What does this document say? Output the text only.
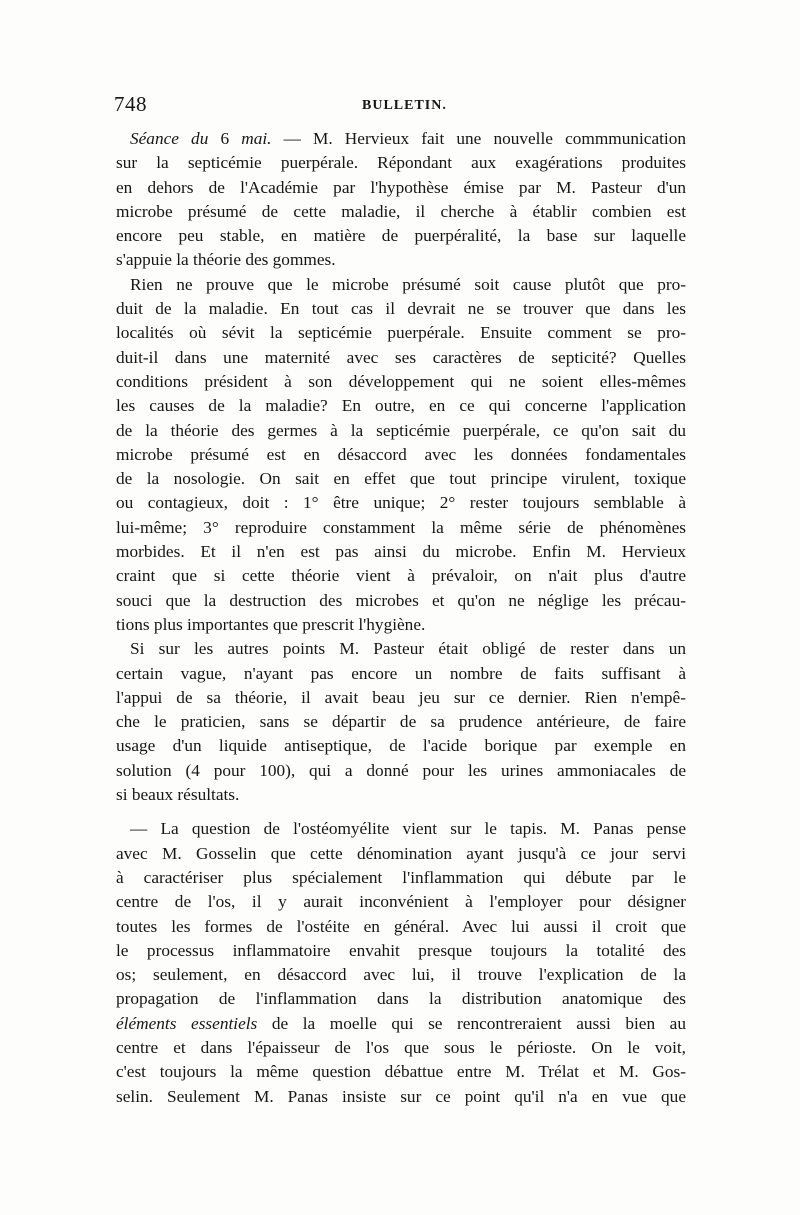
748	BULLETIN.

Séance du 6 mai. — M. Hervieux fait une nouvelle commmunication
sur la septicémie puerpérale. Répondant aux exagérations produites
en dehors de l'Académie par l'hypothèse émise par M. Pasteur d'un
microbe présumé de cette maladie, il cherche à établir combien est
encore peu stable, en matière de puerpéralité, la base sur laquelle
s'appuie la théorie des gommes.

Rien ne prouve que le microbe présumé soit cause plutôt que pro-
duit de la maladie. En tout cas il devrait ne se trouver que dans les
localités où sévit la septicémie puerpérale. Ensuite comment se pro-
duit-il dans une maternité avec ses caractères de septicité? Quelles
conditions président à son développement qui ne soient elles-mêmes
les causes de la maladie? En outre, en ce qui concerne l'application
de la théorie des germes à la septicémie puerpérale, ce qu'on sait du
microbe présumé est en désaccord avec les données fondamentales
de la nosologie. On sait en effet que tout principe virulent, toxique
ou contagieux, doit : 1° être unique; 2° rester toujours semblable à
lui-même; 3° reproduire constamment la même série de phénomènes
morbides. Et il n'en est pas ainsi du microbe. Enfin M. Hervieux
craint que si cette théorie vient à prévaloir, on n'ait plus d'autre
souci que la destruction des microbes et qu'on ne néglige les précau-
tions plus importantes que prescrit l'hygiène.

Si sur les autres points M. Pasteur était obligé de rester dans un
certain vague, n'ayant pas encore un nombre de faits suffisant à
l'appui de sa théorie, il avait beau jeu sur ce dernier. Rien n'empê-
che le praticien, sans se départir de sa prudence antérieure, de faire
usage d'un liquide antiseptique, de l'acide borique par exemple en
solution (4 pour 100), qui a donné pour les urines ammoniacales de
si beaux résultats.

— La question de l'ostéomyélite vient sur le tapis. M. Panas pense
avec M. Gosselin que cette dénomination ayant jusqu'à ce jour servi
à caractériser plus spécialement l'inflammation qui débute par le
centre de l'os, il y aurait inconvénient à l'employer pour désigner
toutes les formes de l'ostéite en général. Avec lui aussi il croit que
le processus inflammatoire envahit presque toujours la totalité des
os; seulement, en désaccord avec lui, il trouve l'explication de la
propagation de l'inflammation dans la distribution anatomique des
éléments essentiels de la moelle qui se rencontreraient aussi bien au
centre et dans l'épaisseur de l'os que sous le périoste. On le voit,
c'est toujours la même question débattue entre M. Trélat et M. Gos-
selin. Seulement M. Panas insiste sur ce point qu'il n'a en vue que
